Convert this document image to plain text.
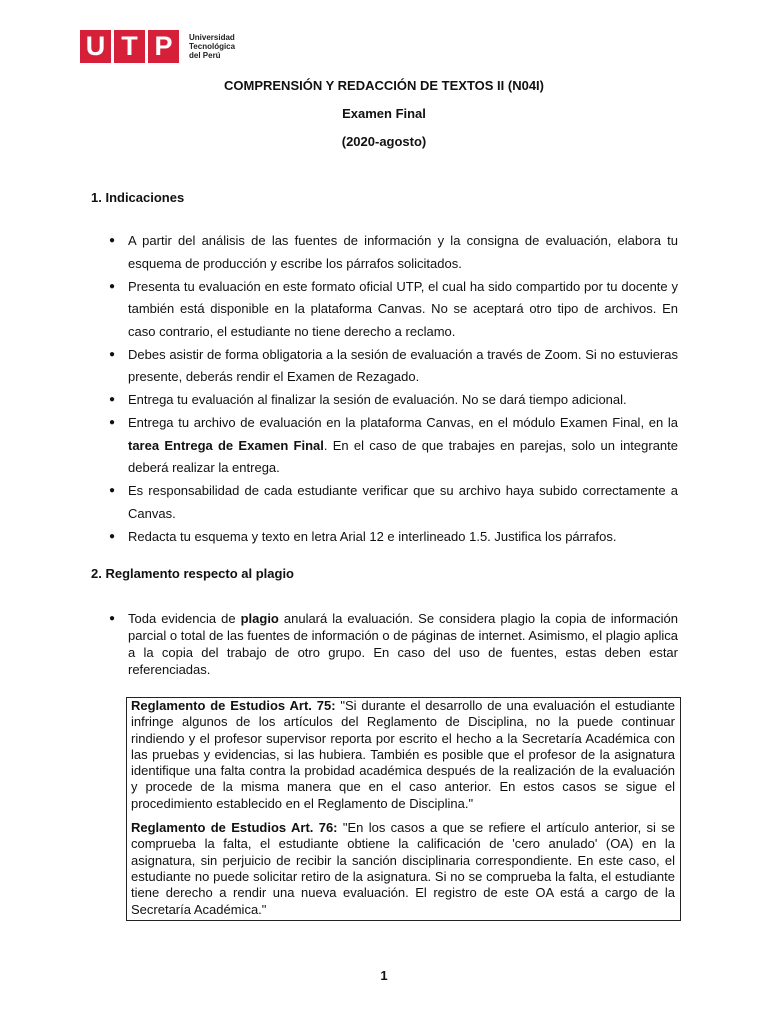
U T P	Universidad
Tecnológica
del Perú
COMPRENSIÓN Y REDACCIÓN DE TEXTOS II (N04I)
Examen Final
(2020-agosto)
1. Indicaciones
● A partir del análisis de las fuentes de información y la consigna de evaluación, elabora tu esquema de producción y escribe los párrafos solicitados.
● Presenta tu evaluación en este formato oficial UTP, el cual ha sido compartido por tu docente y también está disponible en la plataforma Canvas. No se aceptará otro tipo de archivos. En caso contrario, el estudiante no tiene derecho a reclamo.
● Debes asistir de forma obligatoria a la sesión de evaluación a través de Zoom. Si no estuvieras presente, deberás rendir el Examen de Rezagado.
● Entrega tu evaluación al finalizar la sesión de evaluación. No se dará tiempo adicional.
● Entrega tu archivo de evaluación en la plataforma Canvas, en el módulo Examen Final, en la tarea Entrega de Examen Final. En el caso de que trabajes en parejas, solo un integrante deberá realizar la entrega.
● Es responsabilidad de cada estudiante verificar que su archivo haya subido correctamente a Canvas.
● Redacta tu esquema y texto en letra Arial 12 e interlineado 1.5. Justifica los párrafos.
2. Reglamento respecto al plagio
● Toda evidencia de plagio anulará la evaluación. Se considera plagio la copia de información parcial o total de las fuentes de información o de páginas de internet. Asimismo, el plagio aplica a la copia del trabajo de otro grupo. En caso del uso de fuentes, estas deben estar referenciadas.

Reglamento de Estudios Art. 75: "Si durante el desarrollo de una evaluación el estudiante infringe algunos de los artículos del Reglamento de Disciplina, no la puede continuar rindiendo y el profesor supervisor reporta por escrito el hecho a la Secretaría Académica con las pruebas y evidencias, si las hubiera. También es posible que el profesor de la asignatura identifique una falta contra la probidad académica después de la realización de la evaluación y procede de la misma manera que en el caso anterior. En estos casos se sigue el procedimiento establecido en el Reglamento de Disciplina."

Reglamento de Estudios Art. 76: "En los casos a que se refiere el artículo anterior, si se comprueba la falta, el estudiante obtiene la calificación de 'cero anulado' (OA) en la asignatura, sin perjuicio de recibir la sanción disciplinaria correspondiente. En este caso, el estudiante no puede solicitar retiro de la asignatura. Si no se comprueba la falta, el estudiante tiene derecho a rendir una nueva evaluación. El registro de este OA está a cargo de la Secretaría Académica."

1
